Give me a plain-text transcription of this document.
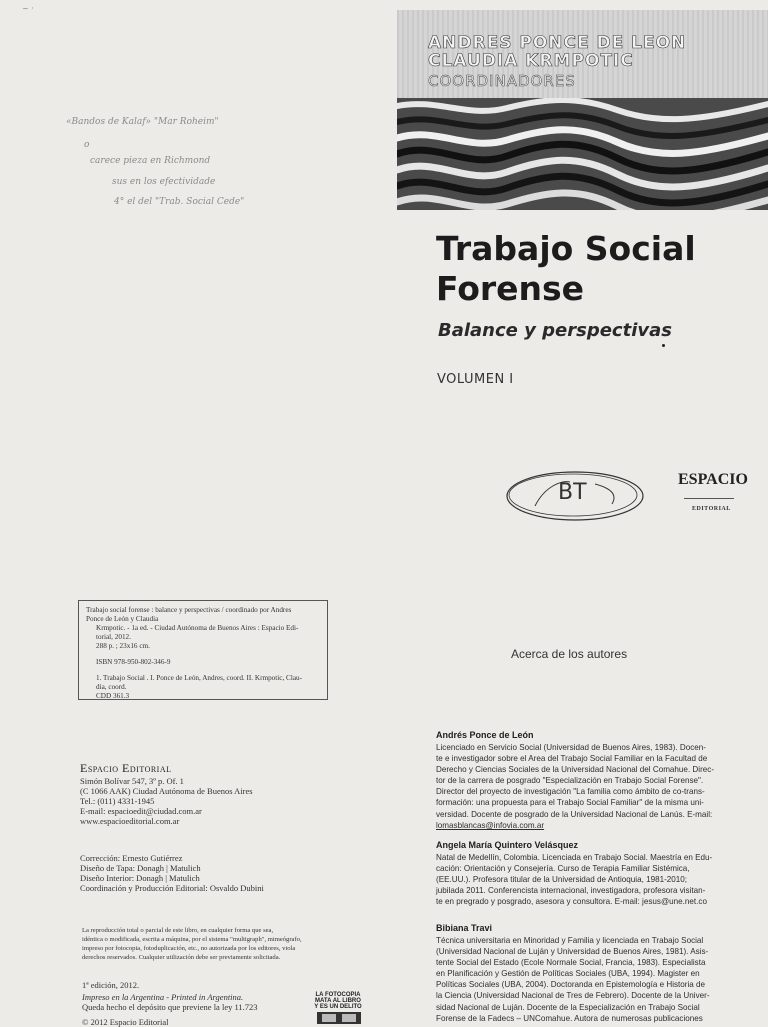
~ ·
«Bandos de Kalaf» "Mar Roheim"
o
carece pieza en Richmond
sus en los efectividade
4° el del "Trab. Social Cede"
ANDRES PONCE DE LEON
CLAUDIA KRMPOTIC
COORDINADORES
Trabajo Social
Forense
Balance y perspectivas
VOLUMEN I
BT
ESPACIO
EDITORIAL
Trabajo social forense : balance y perspectivas / coordinado por Andres
Ponce de León y Claudia
Krmpotic. - 1a ed. - Ciudad Autónoma de Buenos Aires : Espacio Edi-
torial, 2012.
288 p. ; 23x16 cm.
ISBN 978-950-802-346-9
1. Trabajo Social . I. Ponce de León, Andres, coord. II. Krmpotic, Clau-
dia, coord.
CDD 361.3
Espacio Editorial
Simón Bolívar 547, 3º p. Of. 1
(C 1066 AAK) Ciudad Autónoma de Buenos Aires
Tel.: (011) 4331-1945
E-mail: espacioedit@ciudad.com.ar
www.espacioeditorial.com.ar
Corrección: Ernesto Gutiérrez
Diseño de Tapa: Donagh | Matulich
Diseño Interior: Donagh | Matulich
Coordinación y Producción Editorial: Osvaldo Dubini
La reproducción total o parcial de este libro, en cualquier forma que sea,
idéntica o modificada, escrita a máquina, por el sistema "multigraph", mimeógrafo,
impreso por fotocopia, fotoduplicación, etc., no autorizada por los editores, viola
derechos reservados. Cualquier utilización debe ser previamente solicitada.
1ª edición, 2012.
Impreso en la Argentina - Printed in Argentina.
Queda hecho el depósito que previene la ley 11.723
© 2012 Espacio Editorial
LA FOTOCOPIA
MATA AL LIBRO
Y ES UN DELITO
Acerca de los autores
Andrés Ponce de León
Licenciado en Servicio Social (Universidad de Buenos Aires, 1983). Docen-
te e investigador sobre el Area del Trabajo Social Familiar en la Facultad de
Derecho y Ciencias Sociales de la Universidad Nacional del Comahue. Direc-
tor de la carrera de posgrado "Especialización en Trabajo Social Forense".
Director del proyecto de investigación "La familia como ámbito de co-trans-
formación: una propuesta para el Trabajo Social Familiar" de la misma uni-
versidad. Docente de posgrado de la Universidad Nacional de Lanús. E-mail:
lomasblancas@infovia.com.ar
Angela María Quintero Velásquez
Natal de Medellín, Colombia. Licenciada en Trabajo Social. Maestría en Edu-
cación: Orientación y Consejería. Curso de Terapia Familiar Sistémica,
(EE.UU.). Profesora titular de la Universidad de Antioquia, 1981-2010;
jubilada 2011. Conferencista internacional, investigadora, profesora visitan-
te en pregrado y posgrado, asesora y consultora. E-mail: jesus@une.net.co
Bibiana Travi
Técnica universitaria en Minoridad y Familia y licenciada en Trabajo Social
(Universidad Nacional de Luján y Universidad de Buenos Aires, 1981). Asis-
tente Social del Estado (Ecole Normale Social, Francia, 1983). Especialista
en Planificación y Gestión de Políticas Sociales (UBA, 1994). Magister en
Políticas Sociales (UBA, 2004). Doctoranda en Epistemología e Historia de
la Ciencia (Universidad Nacional de Tres de Febrero). Docente de la Univer-
sidad Nacional de Luján. Docente de la Especialización en Trabajo Social
Forense de la Fadecs – UNComahue. Autora de numerosas publicaciones
